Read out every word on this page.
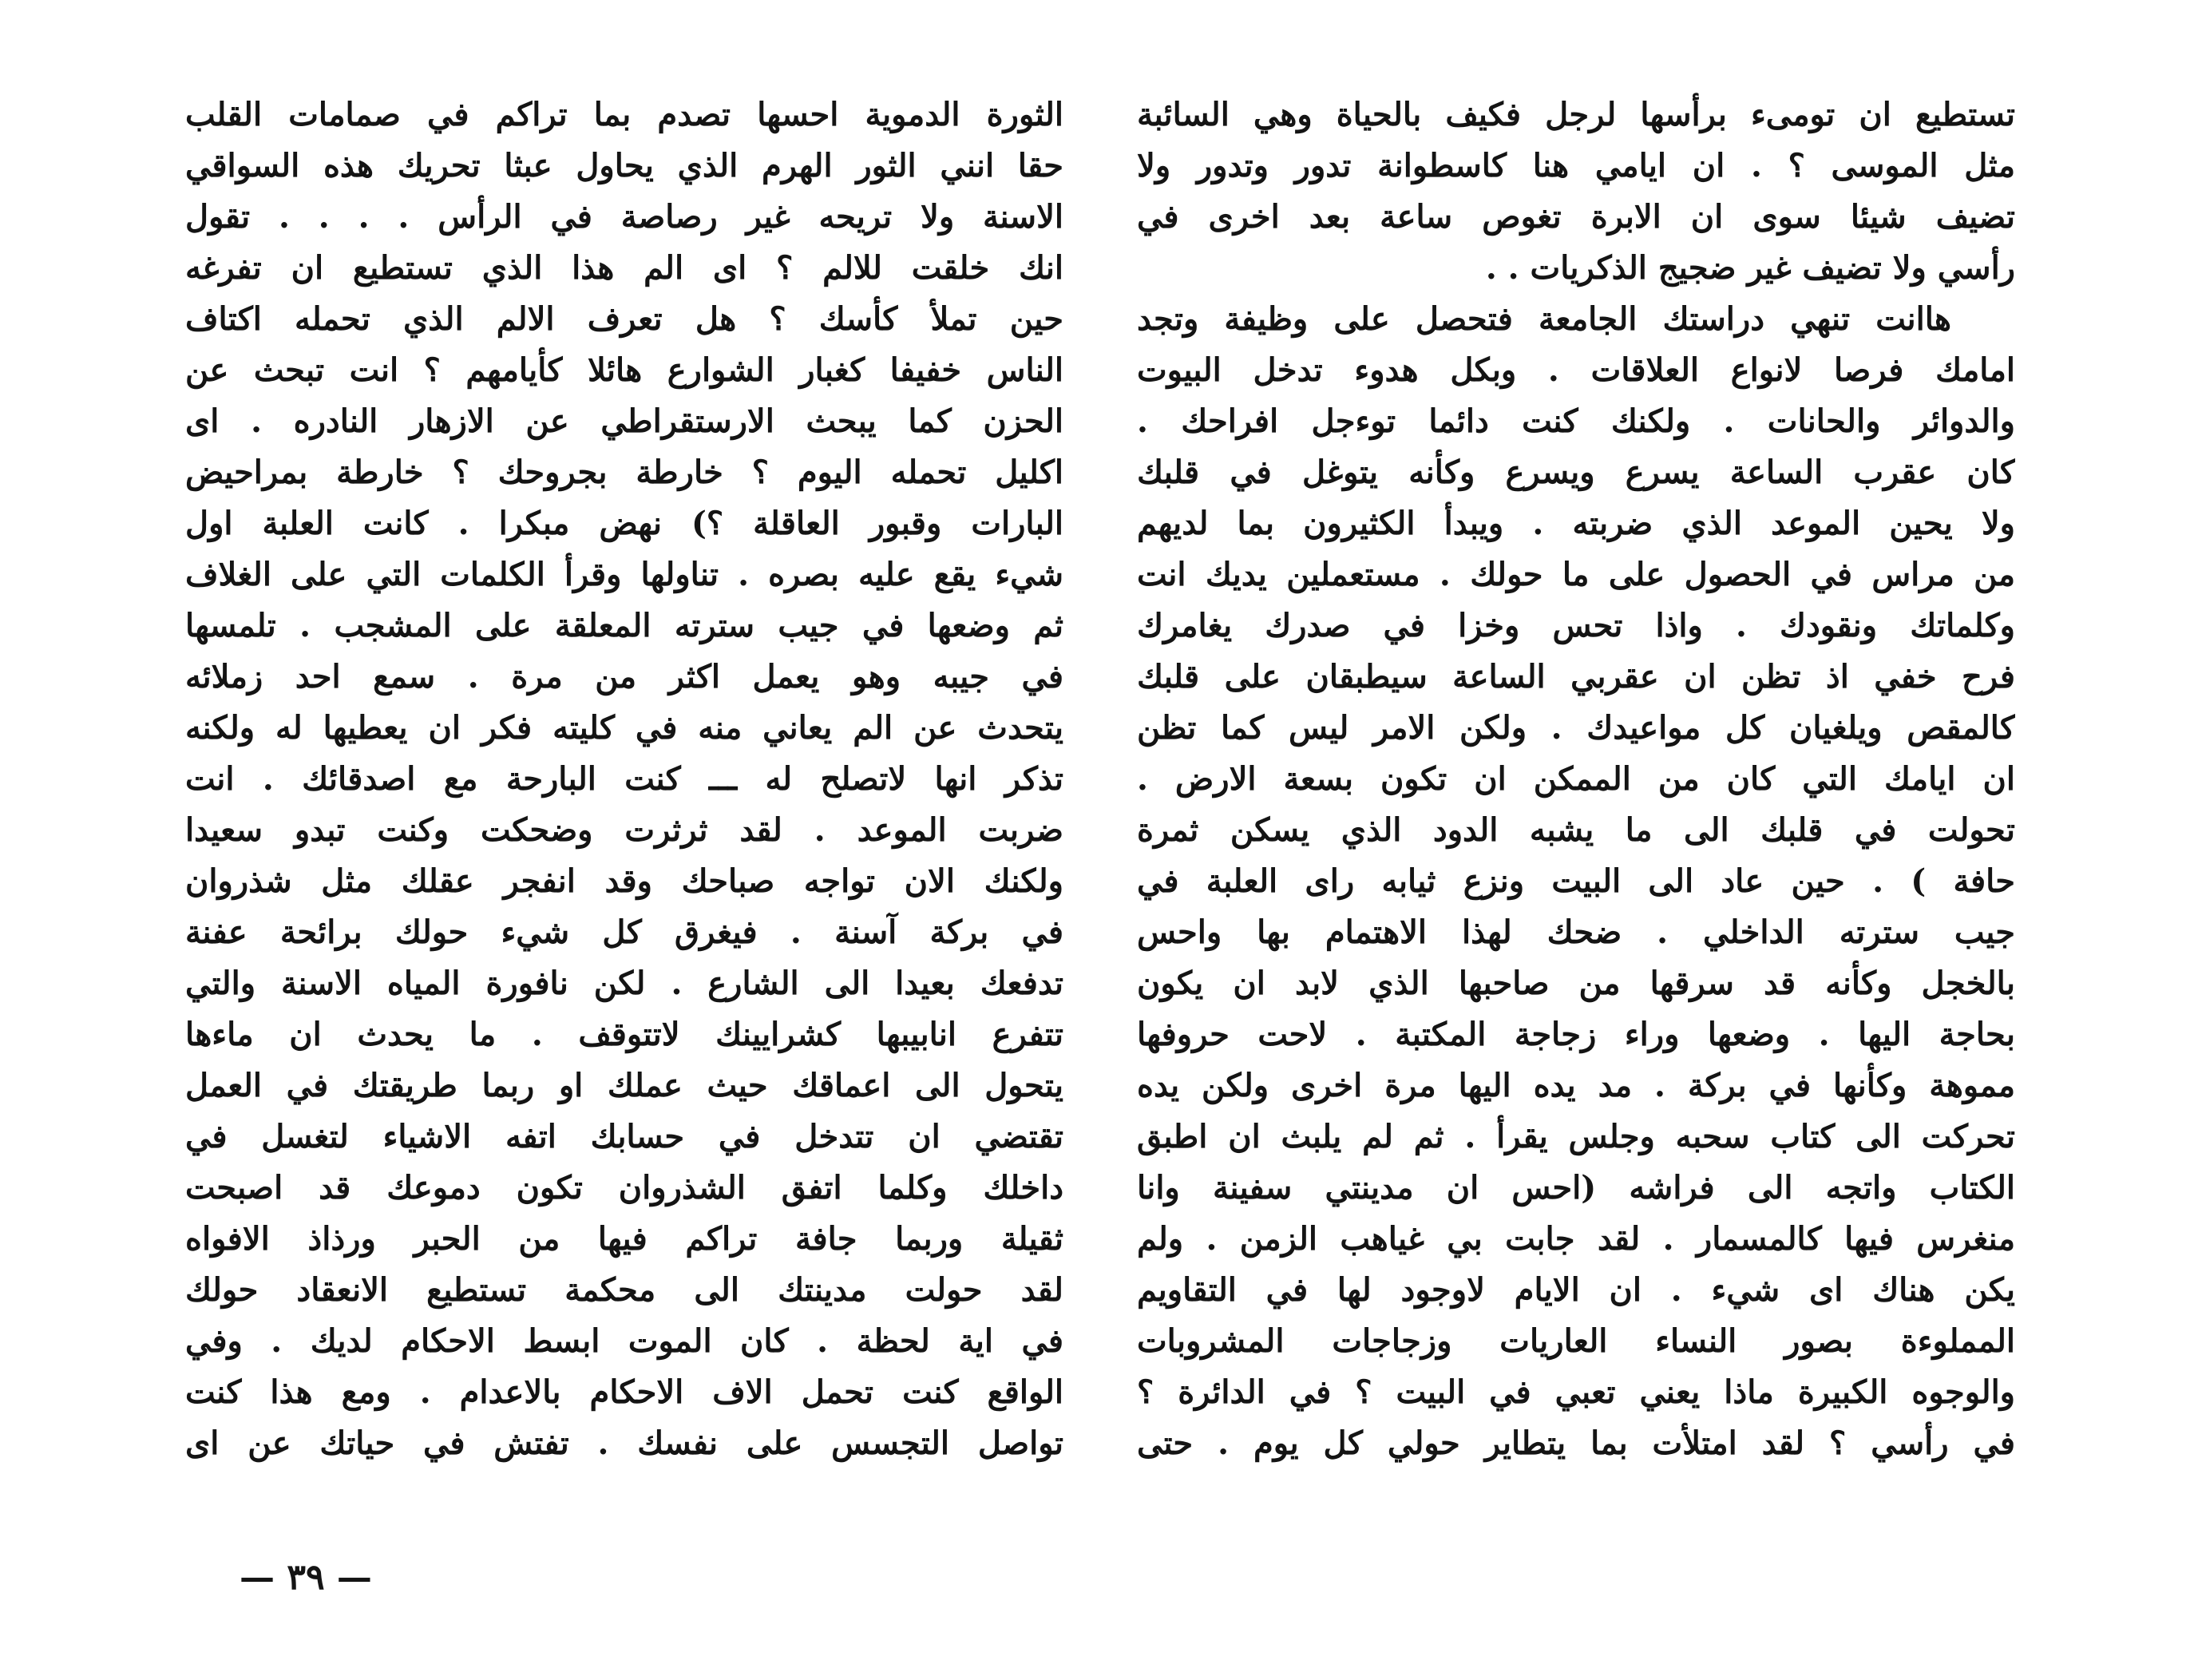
تستطيع ان تومىء برأسها لرجل فكيف بالحياة وهي السائبة
مثل الموسى ؟ . ان ايامي هنا كاسطوانة تدور وتدور ولا
تضيف شيئا سوى ان الابرة تغوص ساعة بعد اخرى في
رأسي ولا تضيف غير ضجيج الذكريات . .
هاانت تنهي دراستك الجامعة فتحصل على وظيفة وتجد
امامك فرصا لانواع العلاقات . وبكل هدوء تدخل البيوت
والدوائر والحانات . ولكنك كنت دائما توءجل افراحك .
كان عقرب الساعة يسرع ويسرع وكأنه يتوغل في قلبك
ولا يحين الموعد الذي ضربته . ويبدأ الكثيرون بما لديهم
من مراس في الحصول على ما حولك . مستعملين يديك انت
وكلماتك ونقودك . واذا تحس وخزا في صدرك يغامرك
فرح خفي اذ تظن ان عقربي الساعة سيطبقان على قلبك
كالمقص ويلغيان كل مواعيدك . ولكن الامر ليس كما تظن
ان ايامك التي كان من الممكن ان تكون بسعة الارض .
تحولت في قلبك الى ما يشبه الدود الذي يسكن ثمرة
حافة ) . حين عاد الى البيت ونزع ثيابه راى العلبة في
جيب سترته الداخلي . ضحك لهذا الاهتمام بها واحس
بالخجل وكأنه قد سرقها من صاحبها الذي لابد ان يكون
بحاجة اليها . وضعها وراء زجاجة المكتبة . لاحت حروفها
مموهة وكأنها في بركة . مد يده اليها مرة اخرى ولكن يده
تحركت الى كتاب سحبه وجلس يقرأ . ثم لم يلبث ان اطبق
الكتاب واتجه الى فراشه (احس ان مدينتي سفينة وانا
منغرس فيها كالمسمار . لقد جابت بي غياهب الزمن . ولم
يكن هناك اى شيء . ان الايام لاوجود لها في التقاويم
المملوءة بصور النساء العاريات وزجاجات المشروبات
والوجوه الكبيرة ماذا يعني تعبي في البيت ؟ في الدائرة ؟
في رأسي ؟ لقد امتلأت بما يتطاير حولي كل يوم . حتى
الثورة الدموية احسها تصدم بما تراكم في صمامات القلب
حقا انني الثور الهرم الذي يحاول عبثا تحريك هذه السواقي
الاسنة ولا تريحه غير رصاصة في الرأس . . . . تقول
انك خلقت للالم ؟ اى الم هذا الذي تستطيع ان تفرغه
حين تملأ كأسك ؟ هل تعرف الالم الذي تحمله اكتاف
الناس خفيفا كغبار الشوارع هائلا كأيامهم ؟ انت تبحث عن
الحزن كما يبحث الارستقراطي عن الازهار النادره . اى
اكليل تحمله اليوم ؟ خارطة بجروحك ؟ خارطة بمراحيض
البارات وقبور العاقلة ؟) نهض مبكرا . كانت العلبة اول
شيء يقع عليه بصره . تناولها وقرأ الكلمات التي على الغلاف
ثم وضعها في جيب سترته المعلقة على المشجب . تلمسها
في جيبه وهو يعمل اكثر من مرة . سمع احد زملائه
يتحدث عن الم يعاني منه في كليته فكر ان يعطيها له ولكنه
تذكر انها لاتصلح له ـــ كنت البارحة مع اصدقائك . انت
ضربت الموعد . لقد ثرثرت وضحكت وكنت تبدو سعيدا
ولكنك الان تواجه صباحك وقد انفجر عقلك مثل شذروان
في بركة آسنة . فيغرق كل شيء حولك برائحة عفنة
تدفعك بعيدا الى الشارع . لكن نافورة المياه الاسنة والتي
تتفرع انابيبها كشرايينك لاتتوقف . ما يحدث ان ماءها
يتحول الى اعماقك حيث عملك او ربما طريقتك في العمل
تقتضي ان تتدخل في حسابك اتفه الاشياء لتغسل في
داخلك وكلما اتفق الشذروان تكون دموعك قد اصبحت
ثقيلة وربما جافة تراكم فيها من الحبر ورذاذ الافواه
لقد حولت مدينتك الى محكمة تستطيع الانعقاد حولك
في اية لحظة . كان الموت ابسط الاحكام لديك . وفي
الواقع كنت تحمل الاف الاحكام بالاعدام . ومع هذا كنت
تواصل التجسس على نفسك . تفتش في حياتك عن اى
— ٣٩ —
